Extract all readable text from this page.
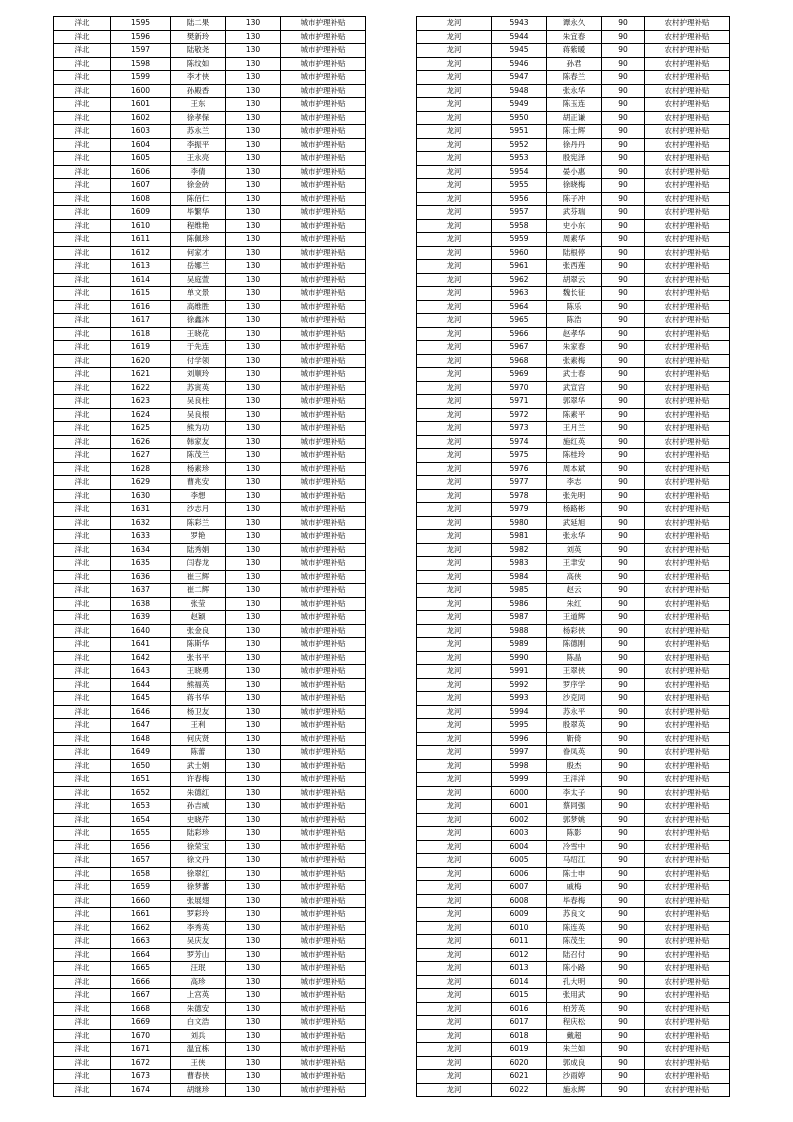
洋北	1595	陆二果	130	城市护理补贴
洋北	1596	樊新玲	130	城市护理补贴
洋北	1597	陆敬尧	130	城市护理补贴
洋北	1598	陈纹如	130	城市护理补贴
洋北	1599	李才侠	130	城市护理补贴
洋北	1600	孙殿香	130	城市护理补贴
洋北	1601	王东	130	城市护理补贴
洋北	1602	徐孝保	130	城市护理补贴
洋北	1603	苏永兰	130	城市护理补贴
洋北	1604	李振平	130	城市护理补贴
洋北	1605	王永亮	130	城市护理补贴
洋北	1606	李倩	130	城市护理补贴
洋北	1607	徐金砖	130	城市护理补贴
洋北	1608	陈佰仁	130	城市护理补贴
洋北	1609	毕繁华	130	城市护理补贴
洋北	1610	程维艳	130	城市护理补贴
洋北	1611	陈佩珍	130	城市护理补贴
洋北	1612	何家才	130	城市护理补贴
洋北	1613	岳娜兰	130	城市护理补贴
洋北	1614	吴庭萱	130	城市护理补贴
洋北	1615	单文景	130	城市护理补贴
洋北	1616	高维胜	130	城市护理补贴
洋北	1617	徐鑫沐	130	城市护理补贴
洋北	1618	王晓花	130	城市护理补贴
洋北	1619	于先连	130	城市护理补贴
洋北	1620	付学领	130	城市护理补贴
洋北	1621	刘顺玲	130	城市护理补贴
洋北	1622	苏寅英	130	城市护理补贴
洋北	1623	吴良柱	130	城市护理补贴
洋北	1624	吴良根	130	城市护理补贴
洋北	1625	熊为功	130	城市护理补贴
洋北	1626	韩家友	130	城市护理补贴
洋北	1627	陈茂兰	130	城市护理补贴
洋北	1628	杨素珍	130	城市护理补贴
洋北	1629	曹兆安	130	城市护理补贴
洋北	1630	李想	130	城市护理补贴
洋北	1631	沙志月	130	城市护理补贴
洋北	1632	陈彩兰	130	城市护理补贴
洋北	1633	罗艳	130	城市护理补贴
洋北	1634	陆秀娟	130	城市护理补贴
洋北	1635	闫春龙	130	城市护理补贴
洋北	1636	崔三辉	130	城市护理补贴
洋北	1637	崔二辉	130	城市护理补贴
洋北	1638	张莹	130	城市护理补贴
洋北	1639	赵颖	130	城市护理补贴
洋北	1640	张金良	130	城市护理补贴
洋北	1641	陈斯华	130	城市护理补贴
洋北	1642	张书平	130	城市护理补贴
洋北	1643	王晓勇	130	城市护理补贴
洋北	1644	熊福英	130	城市护理补贴
洋北	1645	蒋书华	130	城市护理补贴
洋北	1646	杨卫友	130	城市护理补贴
洋北	1647	王利	130	城市护理补贴
洋北	1648	何庆贤	130	城市护理补贴
洋北	1649	陈蕾	130	城市护理补贴
洋北	1650	武士娟	130	城市护理补贴
洋北	1651	许春梅	130	城市护理补贴
洋北	1652	朱德红	130	城市护理补贴
洋北	1653	孙吉威	130	城市护理补贴
洋北	1654	史晓芹	130	城市护理补贴
洋北	1655	陆彩珍	130	城市护理补贴
洋北	1656	徐荣宝	130	城市护理补贴
洋北	1657	徐文丹	130	城市护理补贴
洋北	1658	徐翠红	130	城市护理补贴
洋北	1659	徐梦蕃	130	城市护理补贴
洋北	1660	张展翅	130	城市护理补贴
洋北	1661	罗彩玲	130	城市护理补贴
洋北	1662	李秀英	130	城市护理补贴
洋北	1663	吴庆友	130	城市护理补贴
洋北	1664	罗芳山	130	城市护理补贴
洋北	1665	汪珉	130	城市护理补贴
洋北	1666	高珍	130	城市护理补贴
洋北	1667	上宫英	130	城市护理补贴
洋北	1668	朱德安	130	城市护理补贴
洋北	1669	白文浩	130	城市护理补贴
洋北	1670	刘兵	130	城市护理补贴
洋北	1671	温宜栋	130	城市护理补贴
洋北	1672	王侠	130	城市护理补贴
洋北	1673	曹春侠	130	城市护理补贴
洋北	1674	胡继珍	130	城市护理补贴
龙河	5943	谭永久	90	农村护理补贴
龙河	5944	朱宜春	90	农村护理补贴
龙河	5945	蒋紫暖	90	农村护理补贴
龙河	5946	孙君	90	农村护理补贴
龙河	5947	陈春兰	90	农村护理补贴
龙河	5948	张永华	90	农村护理补贴
龙河	5949	陈玉连	90	农村护理补贴
龙河	5950	胡正谦	90	农村护理补贴
龙河	5951	陈士辉	90	农村护理补贴
龙河	5952	徐丹丹	90	农村护理补贴
龙河	5953	殷宪泽	90	农村护理补贴
龙河	5954	晏小惠	90	农村护理补贴
龙河	5955	徐晓梅	90	农村护理补贴
龙河	5956	陈子冲	90	农村护理补贴
龙河	5957	武芬瑞	90	农村护理补贴
龙河	5958	史小东	90	农村护理补贴
龙河	5959	周素华	90	农村护理补贴
龙河	5960	陆根停	90	农村护理补贴
龙河	5961	张西莲	90	农村护理补贴
龙河	5962	胡翠云	90	农村护理补贴
龙河	5963	魏长征	90	农村护理补贴
龙河	5964	陈乐	90	农村护理补贴
龙河	5965	陈浩	90	农村护理补贴
龙河	5966	赵孝华	90	农村护理补贴
龙河	5967	朱家春	90	农村护理补贴
龙河	5968	张素梅	90	农村护理补贴
龙河	5969	武士春	90	农村护理补贴
龙河	5970	武宣宫	90	农村护理补贴
龙河	5971	郭翠华	90	农村护理补贴
龙河	5972	陈素平	90	农村护理补贴
龙河	5973	王月兰	90	农村护理补贴
龙河	5974	施红英	90	农村护理补贴
龙河	5975	陈桂玲	90	农村护理补贴
龙河	5976	周本斌	90	农村护理补贴
龙河	5977	李志	90	农村护理补贴
龙河	5978	张先明	90	农村护理补贴
龙河	5979	杨路彬	90	农村护理补贴
龙河	5980	武延旭	90	农村护理补贴
龙河	5981	张永华	90	农村护理补贴
龙河	5982	刘英	90	农村护理补贴
龙河	5983	王聿安	90	农村护理补贴
龙河	5984	高侠	90	农村护理补贴
龙河	5985	赵云	90	农村护理补贴
龙河	5986	朱红	90	农村护理补贴
龙河	5987	王道辉	90	农村护理补贴
龙河	5988	杨彩侠	90	农村护理补贴
龙河	5989	陈德刚	90	农村护理补贴
龙河	5990	陈晶	90	农村护理补贴
龙河	5991	王翠侠	90	农村护理补贴
龙河	5992	罗序学	90	农村护理补贴
龙河	5993	沙克同	90	农村护理补贴
龙河	5994	苏永平	90	农村护理补贴
龙河	5995	殷翠英	90	农村护理补贴
龙河	5996	靳倚	90	农村护理补贴
龙河	5997	眷凤英	90	农村护理补贴
龙河	5998	殷杰	90	农村护理补贴
龙河	5999	王洋洋	90	农村护理补贴
龙河	6000	李太子	90	农村护理补贴
龙河	6001	蔡同强	90	农村护理补贴
龙河	6002	郭梦姚	90	农村护理补贴
龙河	6003	陈影	90	农村护理补贴
龙河	6004	冷雪中	90	农村护理补贴
龙河	6005	马绍江	90	农村护理补贴
龙河	6006	陈士申	90	农村护理补贴
龙河	6007	戚梅	90	农村护理补贴
龙河	6008	毕春梅	90	农村护理补贴
龙河	6009	苏良文	90	农村护理补贴
龙河	6010	陈连英	90	农村护理补贴
龙河	6011	陈茂生	90	农村护理补贴
龙河	6012	陆召付	90	农村护理补贴
龙河	6013	陈小路	90	农村护理补贴
龙河	6014	孔大明	90	农村护理补贴
龙河	6015	张用武	90	农村护理补贴
龙河	6016	柏芳英	90	农村护理补贴
龙河	6017	程庆松	90	农村护理补贴
龙河	6018	戴超	90	农村护理补贴
龙河	6019	朱兰如	90	农村护理补贴
龙河	6020	郭成良	90	农村护理补贴
龙河	6021	沙雨婷	90	农村护理补贴
龙河	6022	施永辉	90	农村护理补贴
